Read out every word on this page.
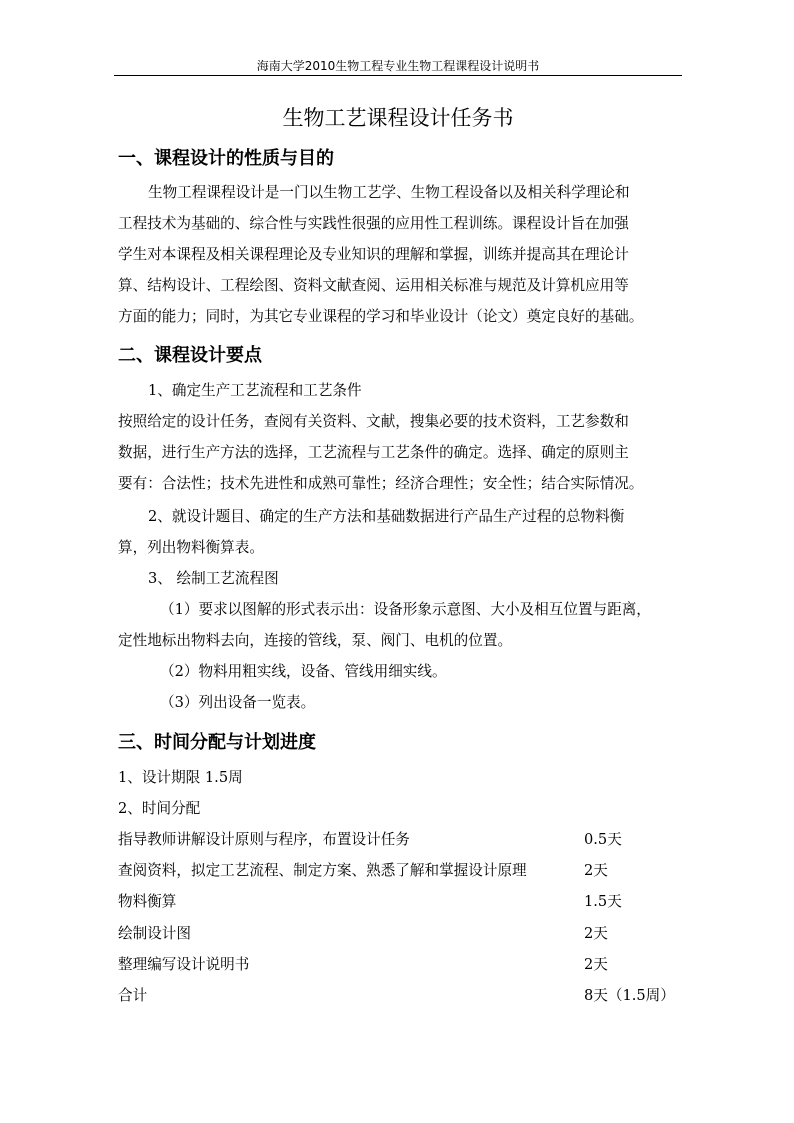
海南大学2010生物工程专业生物工程课程设计说明书
生物工艺课程设计任务书
一、课程设计的性质与目的
生物工程课程设计是一门以生物工艺学、生物工程设备以及相关科学理论和
工程技术为基础的、综合性与实践性很强的应用性工程训练。课程设计旨在加强
学生对本课程及相关课程理论及专业知识的理解和掌握，训练并提高其在理论计
算、结构设计、工程绘图、资料文献查阅、运用相关标准与规范及计算机应用等
方面的能力；同时，为其它专业课程的学习和毕业设计（论文）奠定良好的基础。
二、课程设计要点
1、确定生产工艺流程和工艺条件
按照给定的设计任务，查阅有关资料、文献，搜集必要的技术资料，工艺参数和
数据，进行生产方法的选择，工艺流程与工艺条件的确定。选择、确定的原则主
要有：合法性；技术先进性和成熟可靠性；经济合理性；安全性；结合实际情况。
2、就设计题目、确定的生产方法和基础数据进行产品生产过程的总物料衡
算，列出物料衡算表。
3、 绘制工艺流程图
（1）要求以图解的形式表示出：设备形象示意图、大小及相互位置与距离，
定性地标出物料去向，连接的管线，泵、阀门、电机的位置。
（2）物料用粗实线，设备、管线用细实线。
（3）列出设备一览表。
三、时间分配与计划进度
1、设计期限 1.5周
2、时间分配
指导教师讲解设计原则与程序，布置设计任务	0.5天
查阅资料，拟定工艺流程、制定方案、熟悉了解和掌握设计原理	2天
物料衡算	1.5天
绘制设计图	2天
整理编写设计说明书	2天
合计	8天（1.5周）
